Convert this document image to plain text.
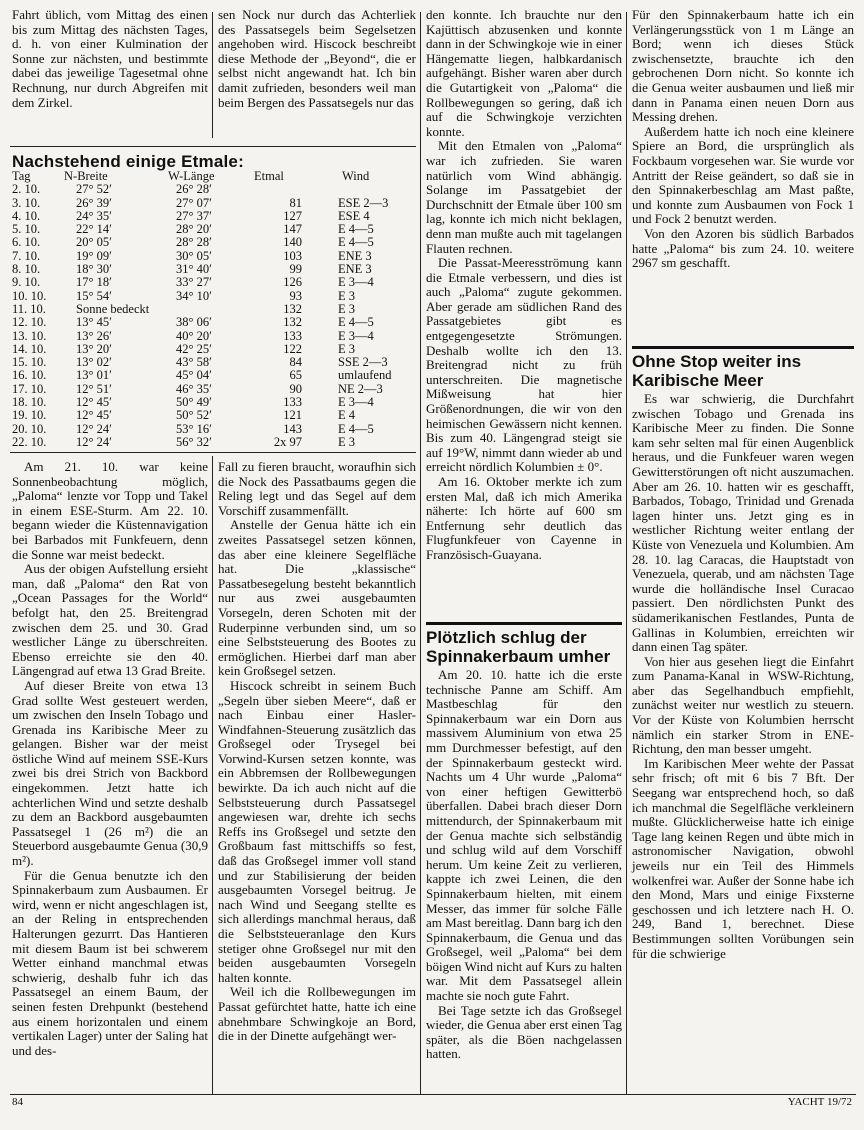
Fahrt üblich, vom Mittag des einen bis zum Mittag des nächsten Tages, d. h. von einer Kulmination der Sonne zur nächsten, und bestimmte dabei das jeweilige Tagesetmal ohne Rechnung, nur durch Abgreifen mit dem Zirkel.

sen Nock nur durch das Achterliek des Passatsegels beim Segelsetzen angehoben wird. Hiscock beschreibt diese Methode der „Beyond“, die er selbst nicht angewandt hat. Ich bin damit zufrieden, besonders weil man beim Bergen des Passatsegels nur das

Nachstehend einige Etmale:
Tag	N-Breite	W-Länge	Etmal	Wind
2. 10.	27° 52′	26° 28′		
3. 10.	26° 39′	27° 07′	81	ESE 2—3
4. 10.	24° 35′	27° 37′	127	ESE 4
5. 10.	22° 14′	28° 20′	147	E 4—5
6. 10.	20° 05′	28° 28′	140	E 4—5
7. 10.	19° 09′	30° 05′	103	ENE 3
8. 10.	18° 30′	31° 40′	99	ENE 3
9. 10.	17° 18′	33° 27′	126	E 3—4
10. 10.	15° 54′	34° 10′	93	E 3
11. 10.	Sonne bedeckt		132	E 3
12. 10.	13° 45′	38° 06′	132	E 4—5
13. 10.	13° 26′	40° 20′	133	E 3—4
14. 10.	13° 20′	42° 25′	122	E 3
15. 10.	13° 02′	43° 58′	84	SSE 2—3
16. 10.	13° 01′	45° 04′	65	umlaufend
17. 10.	12° 51′	46° 35′	90	NE 2—3
18. 10.	12° 45′	50° 49′	133	E 3—4
19. 10.	12° 45′	50° 52′	121	E 4
20. 10.	12° 24′	53° 16′	143	E 4—5
22. 10.	12° 24′	56° 32′	2x 97	E 3

Am 21. 10. war keine Sonnenbeobachtung möglich, „Paloma“ lenzte vor Topp und Takel in einem ESE-Sturm. Am 22. 10. begann wieder die Küstennavigation bei Barbados mit Funkfeuern, denn die Sonne war meist bedeckt.

Aus der obigen Aufstellung ersieht man, daß „Paloma“ den Rat von „Ocean Passages for the World“ befolgt hat, den 25. Breitengrad zwischen dem 25. und 30. Grad westlicher Länge zu überschreiten. Ebenso erreichte sie den 40. Längengrad auf etwa 13 Grad Breite.

Auf dieser Breite von etwa 13 Grad sollte West gesteuert werden, um zwischen den Inseln Tobago und Grenada ins Karibische Meer zu gelangen. Bisher war der meist östliche Wind auf meinem SSE-Kurs zwei bis drei Strich von Backbord eingekommen. Jetzt hatte ich achterlichen Wind und setzte deshalb zu dem an Backbord ausgebaumten Passatsegel 1 (26 m²) die an Steuerbord ausgebaumte Genua (30,9 m²).

Für die Genua benutzte ich den Spinnakerbaum zum Ausbaumen. Er wird, wenn er nicht angeschlagen ist, an der Reling in entsprechenden Halterungen gezurrt. Das Hantieren mit diesem Baum ist bei schwerem Wetter einhand manchmal etwas schwierig, deshalb fuhr ich das Passatsegel an einem Baum, der seinen festen Drehpunkt (bestehend aus einem horizontalen und einem vertikalen Lager) unter der Saling hat und des-

Fall zu fieren braucht, woraufhin sich die Nock des Passatbaums gegen die Reling legt und das Segel auf dem Vorschiff zusammenfällt.

Anstelle der Genua hätte ich ein zweites Passatsegel setzen können, das aber eine kleinere Segelfläche hat. Die „klassische“ Passatbesegelung besteht bekanntlich nur aus zwei ausgebaumten Vorsegeln, deren Schoten mit der Ruderpinne verbunden sind, um so eine Selbststeuerung des Bootes zu ermöglichen. Hierbei darf man aber kein Großsegel setzen.

Hiscock schreibt in seinem Buch „Segeln über sieben Meere“, daß er nach Einbau einer Hasler-Windfahnen-Steuerung zusätzlich das Großsegel oder Trysegel bei Vorwind-Kursen setzen konnte, was ein Abbremsen der Rollbewegungen bewirkte. Da ich auch nicht auf die Selbststeuerung durch Passatsegel angewiesen war, drehte ich sechs Reffs ins Großsegel und setzte den Großbaum fast mittschiffs so fest, daß das Großsegel immer voll stand und zur Stabilisierung der beiden ausgebaumten Vorsegel beitrug. Je nach Wind und Seegang stellte es sich allerdings manchmal heraus, daß die Selbststeueranlage den Kurs stetiger ohne Großsegel nur mit den beiden ausgebaumten Vorsegeln halten konnte.

Weil ich die Rollbewegungen im Passat gefürchtet hatte, hatte ich eine abnehmbare Schwingkoje an Bord, die in der Dinette aufgehängt wer-

den konnte. Ich brauchte nur den Kajüttisch abzusenken und konnte dann in der Schwingkoje wie in einer Hängematte liegen, halbkardanisch aufgehängt. Bisher waren aber durch die Gutartigkeit von „Paloma“ die Rollbewegungen so gering, daß ich auf die Schwingkoje verzichten konnte.

Mit den Etmalen von „Paloma“ war ich zufrieden. Sie waren natürlich vom Wind abhängig. Solange im Passatgebiet der Durchschnitt der Etmale über 100 sm lag, konnte ich mich nicht beklagen, denn man mußte auch mit tagelangen Flauten rechnen.

Die Passat-Meeresströmung kann die Etmale verbessern, und dies ist auch „Paloma“ zugute gekommen. Aber gerade am südlichen Rand des Passatgebietes gibt es entgegengesetzte Strömungen. Deshalb wollte ich den 13. Breitengrad nicht zu früh unterschreiten. Die magnetische Mißweisung hat hier Größenordnungen, die wir von den heimischen Gewässern nicht kennen. Bis zum 40. Längengrad steigt sie auf 19°W, nimmt dann wieder ab und erreicht nördlich Kolumbien ± 0°.

Am 16. Oktober merkte ich zum ersten Mal, daß ich mich Amerika näherte: Ich hörte auf 600 sm Entfernung sehr deutlich das Flugfunkfeuer von Cayenne in Französisch-Guayana.

Plötzlich schlug der Spinnakerbaum umher

Am 20. 10. hatte ich die erste technische Panne am Schiff. Am Mastbeschlag für den Spinnakerbaum war ein Dorn aus massivem Aluminium von etwa 25 mm Durchmesser befestigt, auf den der Spinnakerbaum gesteckt wird. Nachts um 4 Uhr wurde „Paloma“ von einer heftigen Gewitterbö überfallen. Dabei brach dieser Dorn mittendurch, der Spinnakerbaum mit der Genua machte sich selbständig und schlug wild auf dem Vorschiff herum. Um keine Zeit zu verlieren, kappte ich zwei Leinen, die den Spinnakerbaum hielten, mit einem Messer, das immer für solche Fälle am Mast bereitlag. Dann barg ich den Spinnakerbaum, die Genua und das Großsegel, weil „Paloma“ bei dem böigen Wind nicht auf Kurs zu halten war. Mit dem Passatsegel allein machte sie noch gute Fahrt.

Bei Tage setzte ich das Großsegel wieder, die Genua aber erst einen Tag später, als die Böen nachgelassen hatten.

Für den Spinnakerbaum hatte ich ein Verlängerungsstück von 1 m Länge an Bord; wenn ich dieses Stück zwischensetzte, brauchte ich den gebrochenen Dorn nicht. So konnte ich die Genua weiter ausbaumen und ließ mir dann in Panama einen neuen Dorn aus Messing drehen.

Außerdem hatte ich noch eine kleinere Spiere an Bord, die ursprünglich als Fockbaum vorgesehen war. Sie wurde vor Antritt der Reise geändert, so daß sie in den Spinnakerbeschlag am Mast paßte, und konnte zum Ausbaumen von Fock 1 und Fock 2 benutzt werden.

Von den Azoren bis südlich Barbados hatte „Paloma“ bis zum 24. 10. weitere 2967 sm geschafft.

Ohne Stop weiter ins Karibische Meer

Es war schwierig, die Durchfahrt zwischen Tobago und Grenada ins Karibische Meer zu finden. Die Sonne kam sehr selten mal für einen Augenblick heraus, und die Funkfeuer waren wegen Gewitterstörungen oft nicht auszumachen. Aber am 26. 10. hatten wir es geschafft, Barbados, Tobago, Trinidad und Grenada lagen hinter uns. Jetzt ging es in westlicher Richtung weiter entlang der Küste von Venezuela und Kolumbien. Am 28. 10. lag Caracas, die Hauptstadt von Venezuela, querab, und am nächsten Tage wurde die holländische Insel Curacao passiert. Den nördlichsten Punkt des südamerikanischen Festlandes, Punta de Gallinas in Kolumbien, erreichten wir dann einen Tag später.

Von hier aus gesehen liegt die Einfahrt zum Panama-Kanal in WSW-Richtung, aber das Segelhandbuch empfiehlt, zunächst weiter nur westlich zu steuern. Vor der Küste von Kolumbien herrscht nämlich ein starker Strom in ENE-Richtung, den man besser umgeht.

Im Karibischen Meer wehte der Passat sehr frisch; oft mit 6 bis 7 Bft. Der Seegang war entsprechend hoch, so daß ich manchmal die Segelfläche verkleinern mußte. Glücklicherweise hatte ich einige Tage lang keinen Regen und übte mich in astronomischer Navigation, obwohl jeweils nur ein Teil des Himmels wolkenfrei war. Außer der Sonne habe ich den Mond, Mars und einige Fixsterne geschossen und ich letztere nach H. O. 249, Band 1, berechnet. Diese Bestimmungen sollten Vorübungen sein für die schwierige

84	YACHT 19/72
